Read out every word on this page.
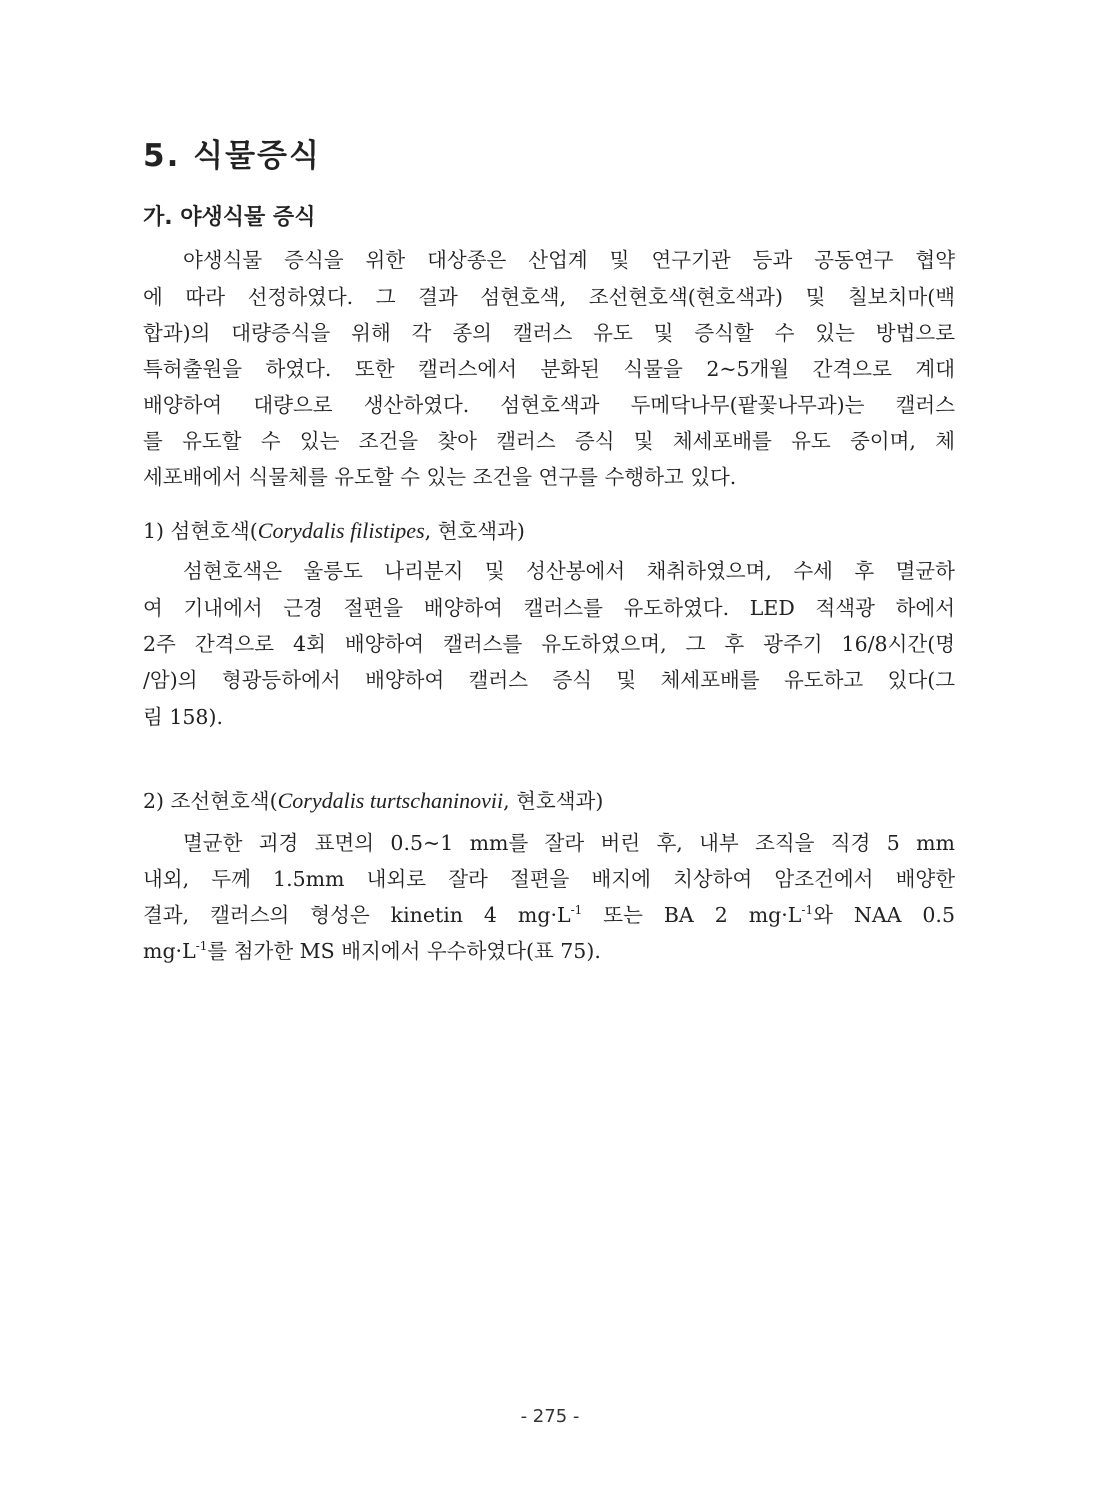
5. 식물증식
가. 야생식물 증식
야생식물 증식을 위한 대상종은 산업계 및 연구기관 등과 공동연구 협약
에 따라 선정하였다. 그 결과 섬현호색, 조선현호색(현호색과) 및 칠보치마(백
합과)의 대량증식을 위해 각 종의 캘러스 유도 및 증식할 수 있는 방법으로
특허출원을 하였다. 또한 캘러스에서 분화된 식물을 2~5개월 간격으로 계대
배양하여 대량으로 생산하였다. 섬현호색과 두메닥나무(팥꽃나무과)는 캘러스
를 유도할 수 있는 조건을 찾아 캘러스 증식 및 체세포배를 유도 중이며, 체
세포배에서 식물체를 유도할 수 있는 조건을 연구를 수행하고 있다.
1) 섬현호색(Corydalis filistipes, 현호색과)
섬현호색은 울릉도 나리분지 및 성산봉에서 채취하였으며, 수세 후 멸균하
여 기내에서 근경 절편을 배양하여 캘러스를 유도하였다. LED 적색광 하에서
2주 간격으로 4회 배양하여 캘러스를 유도하였으며, 그 후 광주기 16/8시간(명
/암)의 형광등하에서 배양하여 캘러스 증식 및 체세포배를 유도하고 있다(그
림 158).
2) 조선현호색(Corydalis turtschaninovii, 현호색과)
멸균한 괴경 표면의 0.5~1 mm를 잘라 버린 후, 내부 조직을 직경 5 mm
내외, 두께 1.5mm 내외로 잘라 절편을 배지에 치상하여 암조건에서 배양한
결과, 캘러스의 형성은 kinetin 4 $mg\cdot L^{-1}$ 또는 BA 2 $mg\cdot L^{-1}$와 NAA 0.5
$mg\cdot L^{-1}$를 첨가한 MS 배지에서 우수하였다(표 75).
- 275 -
